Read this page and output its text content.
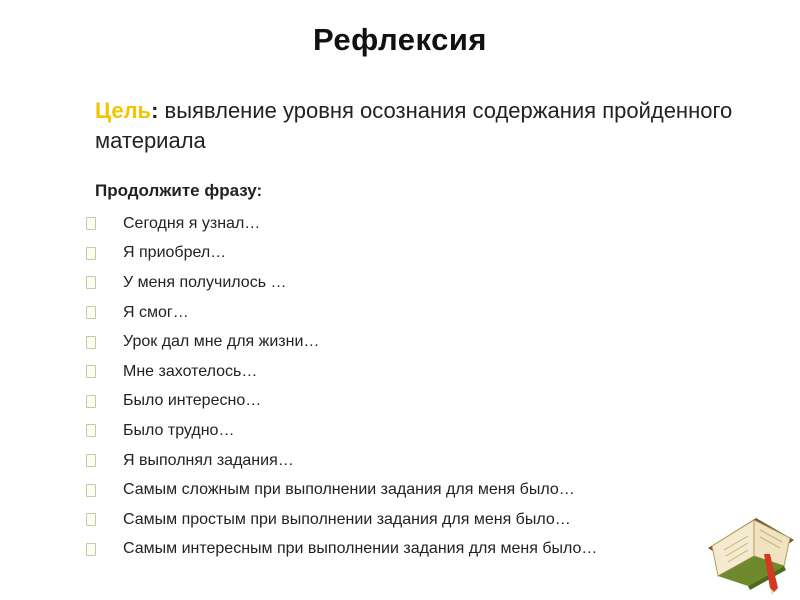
Рефлексия
Цель: выявление уровня осознания содержания пройденного материала
Продолжите фразу:
Сегодня я узнал…
Я приобрел…
У меня получилось …
Я смог…
Урок дал мне для жизни…
Мне захотелось…
Было интересно…
Было трудно…
Я выполнял задания…
Самым сложным при выполнении задания для меня было…
Самым простым при выполнении задания для меня было…
Самым интересным при выполнении задания для меня было…
